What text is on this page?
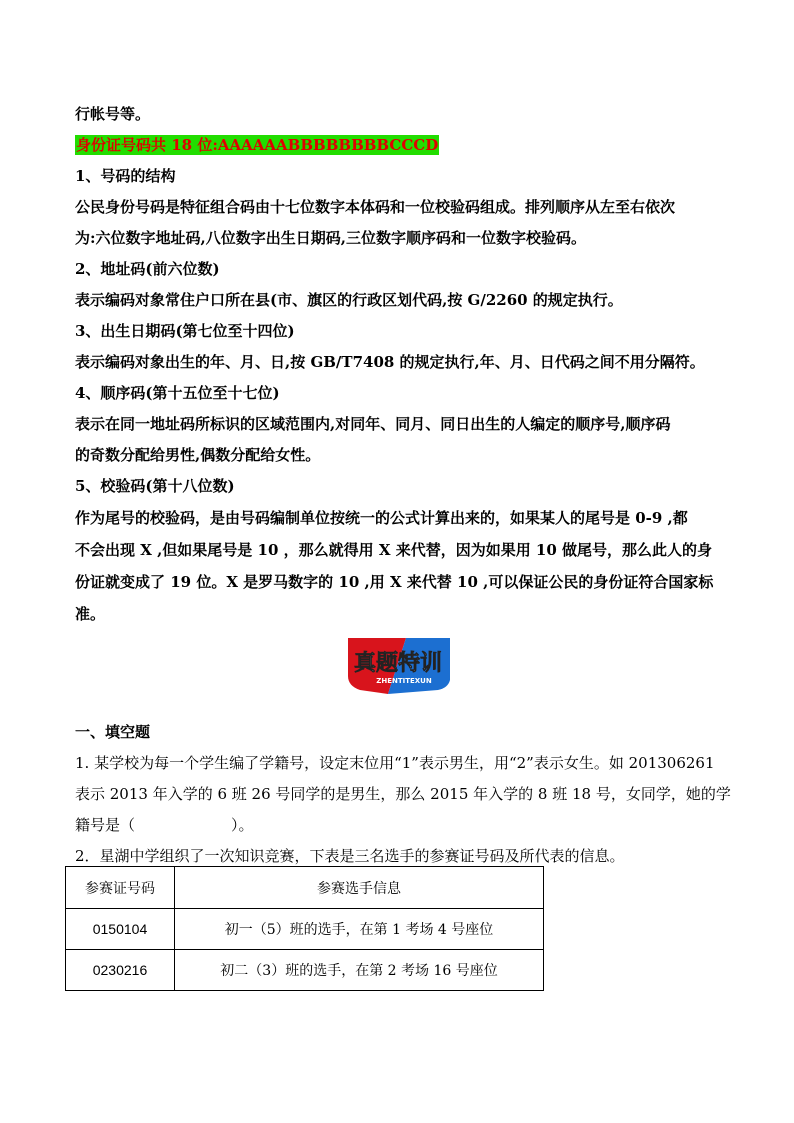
行帐号等。
身份证号码共 18 位:AAAAAABBBBBBBBCCCD
1、号码的结构
公民身份号码是特征组合码由十七位数字本体码和一位校验码组成。排列顺序从左至右依次
为:六位数字地址码,八位数字出生日期码,三位数字顺序码和一位数字校验码。
2、地址码(前六位数)
表示编码对象常住户口所在县(市、旗区的行政区划代码,按 G/2260 的规定执行。
3、出生日期码(第七位至十四位)
表示编码对象出生的年、月、日,按 GB/T7408 的规定执行,年、月、日代码之间不用分隔符。
4、顺序码(第十五位至十七位)
表示在同一地址码所标识的区域范围内,对同年、同月、同日出生的人编定的顺序号,顺序码
的奇数分配给男性,偶数分配给女性。
5、校验码(第十八位数)
作为尾号的校验码，是由号码编制单位按统一的公式计算出来的，如果某人的尾号是 0-9 ,都
不会出现 X ,但如果尾号是 10 ，那么就得用 X 来代替，因为如果用 10 做尾号，那么此人的身
份证就变成了 19 位。X 是罗马数字的 10 ,用 X 来代替 10 ,可以保证公民的身份证符合国家标
准。
真题特训
ZHENTITEXUN
一、填空题
1. 某学校为每一个学生编了学籍号，设定末位用“1”表示男生，用“2”表示女生。如 201306261
表示 2013 年入学的 6 班 26 号同学的是男生，那么 2015 年入学的 8 班 18 号，女同学，她的学
籍号是（	）。
2．星湖中学组织了一次知识竞赛，下表是三名选手的参赛证号码及所代表的信息。
参赛证号码	参赛选手信息
0150104	初一（5）班的选手，在第 1 考场 4 号座位
0230216	初二（3）班的选手，在第 2 考场 16 号座位
